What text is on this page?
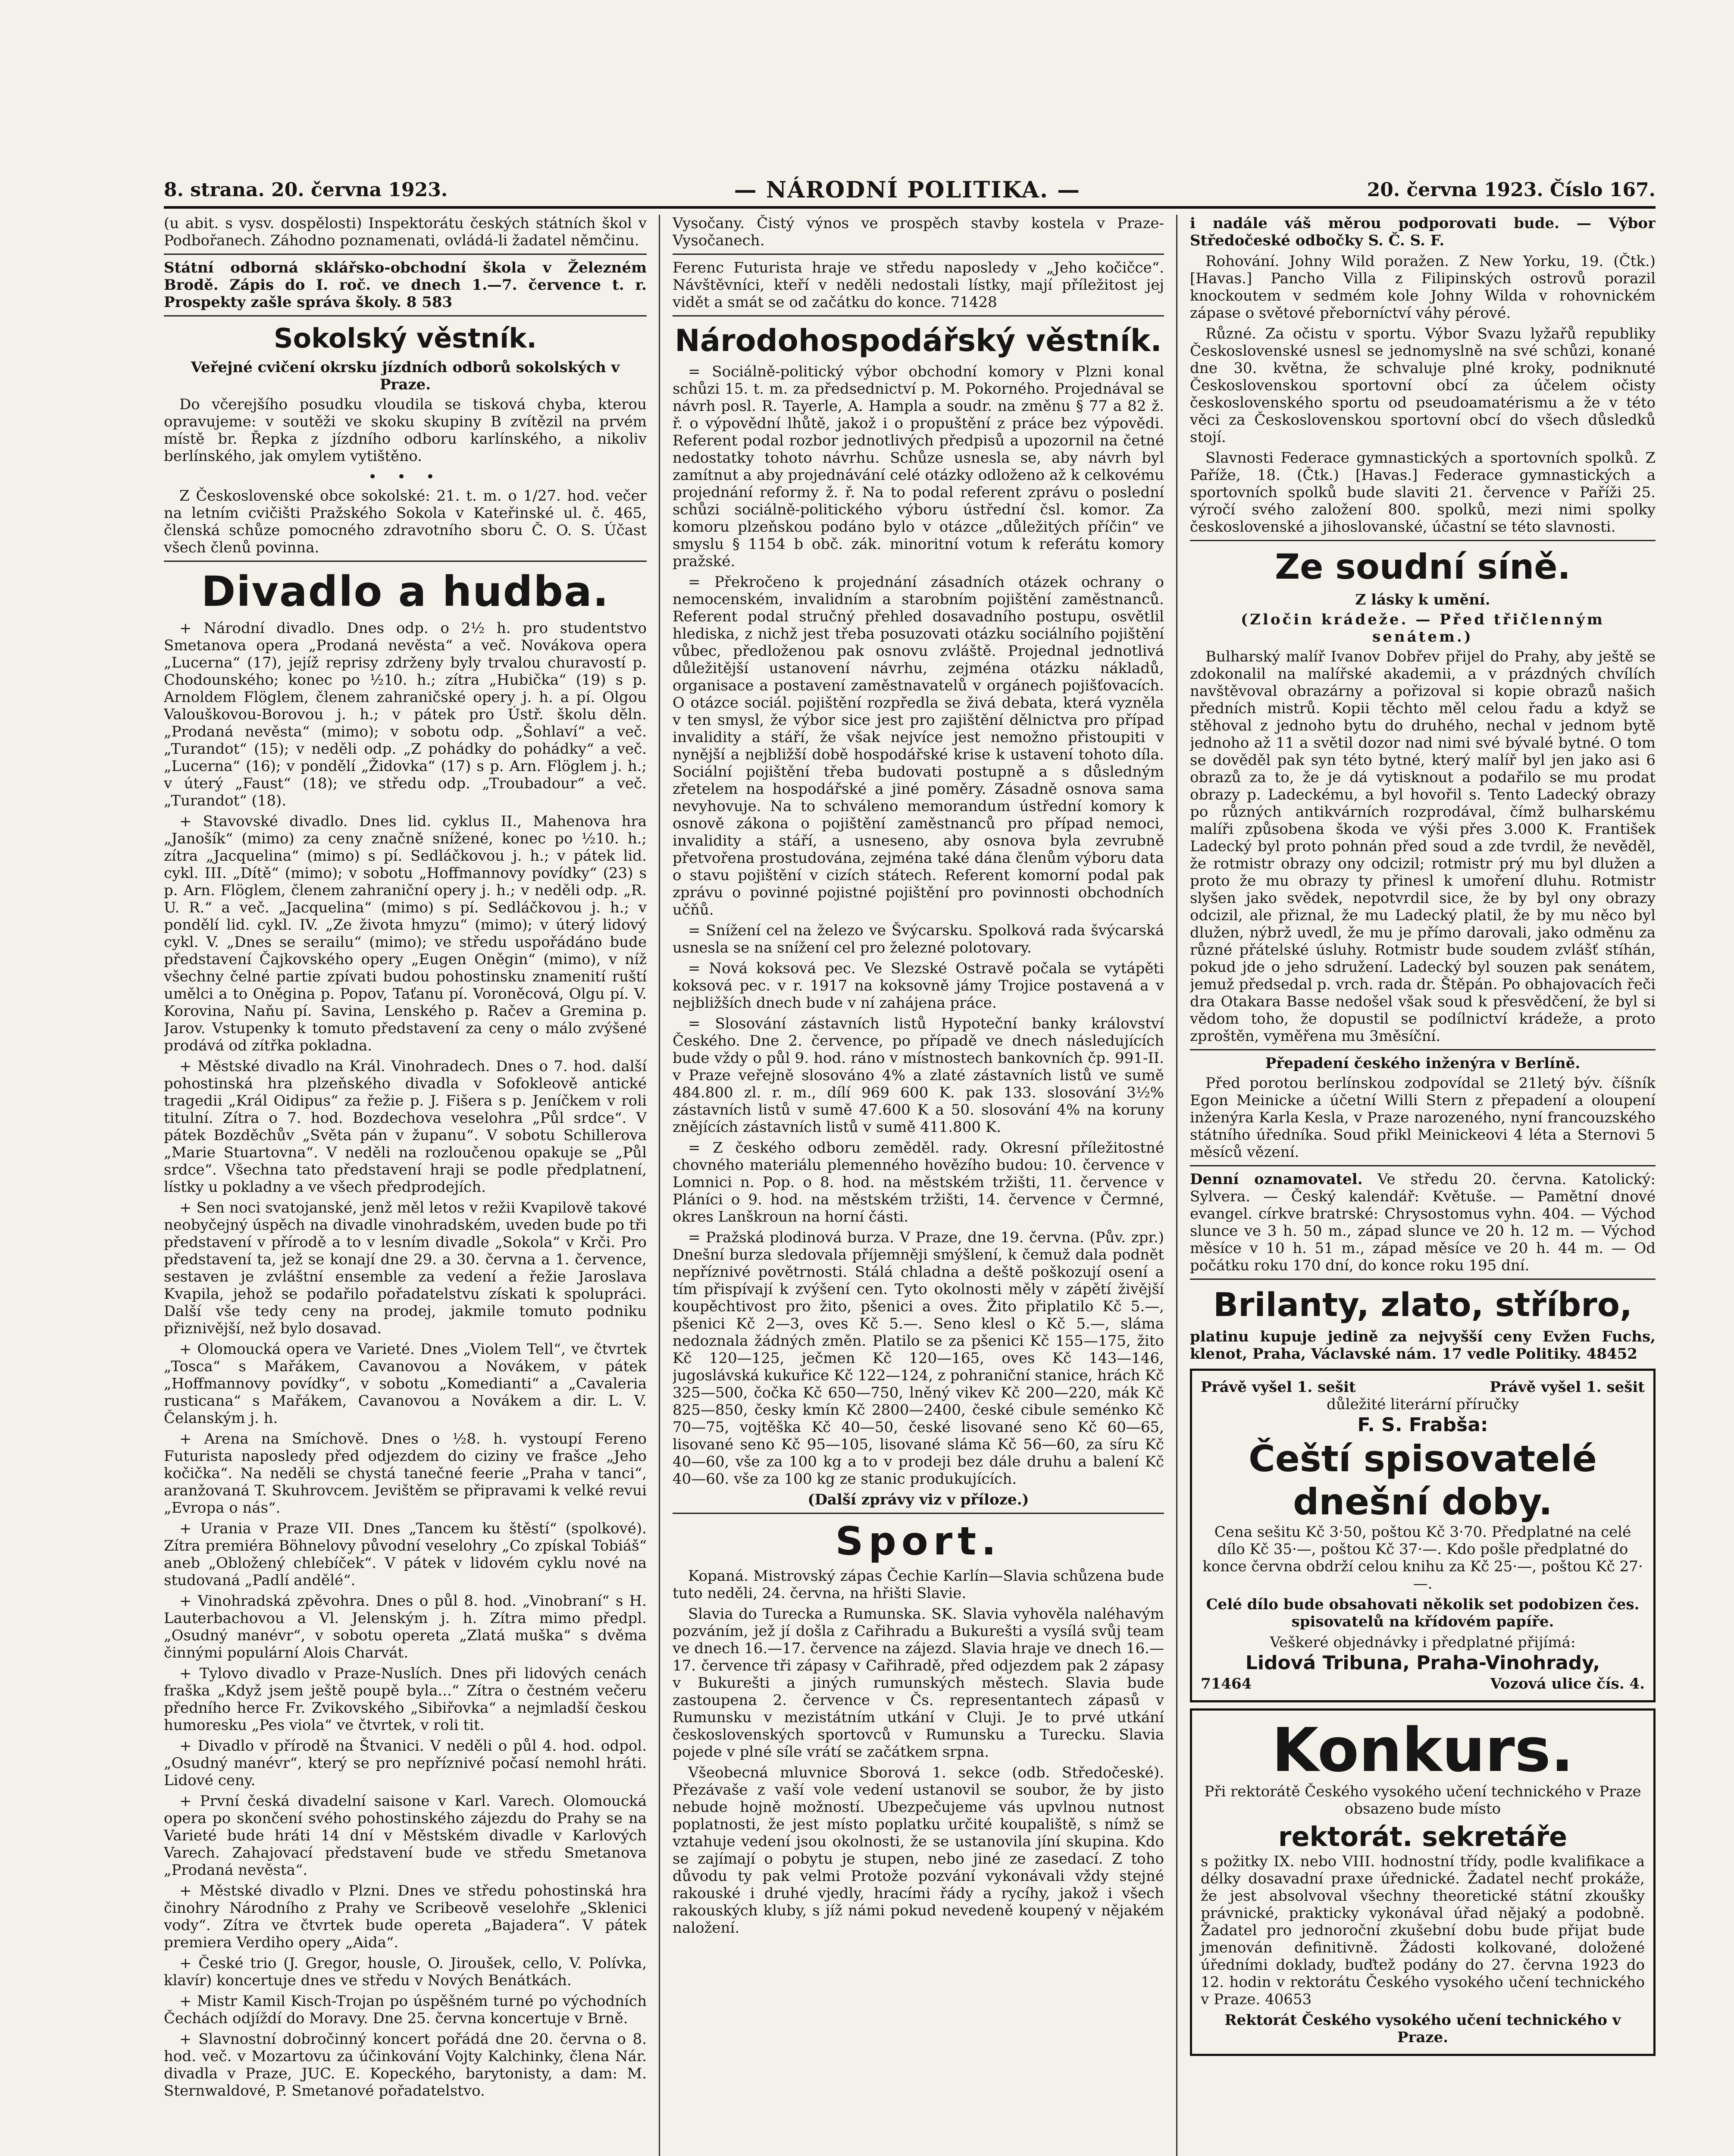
8. strana. 20. června 1923.	— NÁRODNÍ POLITIKA. —	20. června 1923. Číslo 167.

(u abit. s vysv. dospělosti) Inspektorátu českých státních škol v Podbořanech. Záhodno poznamenati, ovládá-li žadatel němčinu.

Státní odborná sklářsko-obchodní škola v Železném Brodě. Zápis do I. roč. ve dnech 1.—7. července t. r. Prospekty zašle správa školy. 8 583

Sokolský věstník.
Veřejné cvičení okrsku jízdních odborů sokolských v Praze.

Do včerejšího posudku vloudila se tisková chyba, kterou opravujeme: v soutěži ve skoku skupiny B zvítězil na prvém místě br. Řepka z jízdního odboru karlínského, a nikoliv berlínského, jak omylem vytištěno.

• • •

Z Československé obce sokolské: 21. t. m. o 1/27. hod. večer na letním cvičišti Pražského Sokola v Kateřinské ul. č. 465, členská schůze pomocného zdravotního sboru Č. O. S. Účast všech členů povinna.

Divadlo a hudba.

+ Národní divadlo. Dnes odp. o 2½ h. pro studentstvo Smetanova opera „Prodaná nevěsta“ a več. Novákova opera „Lucerna“ (17), jejíž reprisy zdrženy byly trvalou churavostí p. Chodounského; konec po ½10. h.; zítra „Hubička“ (19) s p. Arnoldem Flöglem, členem zahraničské opery j. h. a pí. Olgou Valouškovou-Borovou j. h.; v pátek pro Ústř. školu děln. „Prodaná nevěsta“ (mimo); v sobotu odp. „Šohlaví“ a več. „Turandot“ (15); v neděli odp. „Z pohádky do pohádky“ a več. „Lucerna“ (16); v pondělí „Židovka“ (17) s p. Arn. Flöglem j. h.; v úterý „Faust“ (18); ve středu odp. „Troubadour“ a več. „Turandot“ (18).

+ Stavovské divadlo. Dnes lid. cyklus II., Mahenova hra „Janošík“ (mimo) za ceny značně snížené, konec po ½10. h.; zítra „Jacquelina“ (mimo) s pí. Sedláčkovou j. h.; v pátek lid. cykl. III. „Dítě“ (mimo); v sobotu „Hoffmannovy povídky“ (23) s p. Arn. Flöglem, členem zahraniční opery j. h.; v neděli odp. „R. U. R.“ a več. „Jacquelina“ (mimo) s pí. Sedláčkovou j. h.; v pondělí lid. cykl. IV. „Ze života hmyzu“ (mimo); v úterý lidový cykl. V. „Dnes se serailu“ (mimo); ve středu uspořádáno bude představení Čajkovského opery „Eugen Oněgin“ (mimo), v níž všechny čelné partie zpívati budou pohostinsku znamenití ruští umělci a to Oněgina p. Popov, Taťanu pí. Voroněcová, Olgu pí. V. Korovina, Naňu pí. Savina, Lenského p. Račev a Gremina p. Jarov. Vstupenky k tomuto představení za ceny o málo zvýšené prodává od zítřka pokladna.

+ Městské divadlo na Král. Vinohradech. Dnes o 7. hod. další pohostinská hra plzeňského divadla v Sofokleově antické tragedii „Král Oidipus“ za řežie p. J. Fišera s p. Jeníčkem v roli titulní. Zítra o 7. hod. Bozdechova veselohra „Půl srdce“. V pátek Bozděchův „Světa pán v županu“. V sobotu Schillerova „Marie Stuartovna“. V neděli na rozloučenou opakuje se „Půl srdce“. Všechna tato představení hraji se podle předplatnení, lístky u pokladny a ve všech předprodejích.

+ Sen noci svatojanské, jenž měl letos v režii Kvapilově takové neobyčejný úspěch na divadle vinohradském, uveden bude po tři představení v přírodě a to v lesním divadle „Sokola“ v Krči. Pro představení ta, jež se konají dne 29. a 30. června a 1. července, sestaven je zvláštní ensemble za vedení a řežie Jaroslava Kvapila, jehož se podařilo pořadatelstvu získati k spolupráci. Další vše tedy ceny na prodej, jakmile tomuto podniku přiznivější, než bylo dosavad.

+ Olomoucká opera ve Varieté. Dnes „Violem Tell“, ve čtvrtek „Tosca“ s Mařákem, Cavanovou a Novákem, v pátek „Hoffmannovy povídky“, v sobotu „Komedianti“ a „Cavaleria rusticana“ s Mařákem, Cavanovou a Novákem a dir. L. V. Čelanským j. h.

+ Arena na Smíchově. Dnes o ½8. h. vystoupí Fereno Futurista naposledy před odjezdem do ciziny ve frašce „Jeho kočička“. Na neděli se chystá tanečné feerie „Praha v tanci“, aranžovaná T. Skuhrovcem. Jevištěm se připravami k velké revui „Evropa o nás“.

+ Urania v Praze VII. Dnes „Tancem ku štěstí“ (spolkové). Zítra premiéra Böhnelovy původní veselohry „Co zpískal Tobiáš“ aneb „Obložený chlebíček“. V pátek v lidovém cyklu nové na studovaná „Padlí andělé“.

+ Vinohradská zpěvohra. Dnes o půl 8. hod. „Vinobraní“ s H. Lauterbachovou a Vl. Jelenským j. h. Zítra mimo předpl. „Osudný manévr“, v sobotu opereta „Zlatá muška“ s dvěma činnými populární Alois Charvát.

+ Tylovo divadlo v Praze-Nuslích. Dnes při lidových cenách fraška „Když jsem ještě poupě byla...“ Zítra o čestném večeru předního herce Fr. Zvikovského „Sibiřovka“ a nejmladší českou humoresku „Pes viola“ ve čtvrtek, v roli tit.

+ Divadlo v přírodě na Štvanici. V neděli o půl 4. hod. odpol. „Osudný manévr“, který se pro nepříznivé počasí nemohl hráti. Lidové ceny.

+ První česká divadelní saisone v Karl. Varech. Olomoucká opera po skončení svého pohostinského zájezdu do Prahy se na Varieté bude hráti 14 dní v Městském divadle v Karlových Varech. Zahajovací představení bude ve středu Smetanova „Prodaná nevěsta“.

+ Městské divadlo v Plzni. Dnes ve středu pohostinská hra činohry Národního z Prahy ve Scribeově veselohře „Sklenici vody“. Zítra ve čtvrtek bude opereta „Bajadera“. V pátek premiera Verdiho opery „Aida“.

+ České trio (J. Gregor, housle, O. Jiroušek, cello, V. Polívka, klavír) koncertuje dnes ve středu v Nových Benátkách.

+ Mistr Kamil Kisch-Trojan po úspěšném turné po východních Čechách odjíždí do Moravy. Dne 25. června koncertuje v Brně.

+ Slavnostní dobročinný koncert pořádá dne 20. června o 8. hod. več. v Mozartovu za účinkování Vojty Kalchinky, člena Nár. divadla v Praze, JUC. E. Kopeckého, barytonisty, a dam: M. Sternwaldové, P. Smetanové pořadatelstvo.

Vysočany. Čistý výnos ve prospěch stavby kostela v Praze-Vysočanech.

Ferenc Futurista hraje ve středu naposledy v „Jeho kočičce“. Návštěvníci, kteří v neděli nedostali lístky, mají příležitost jej vidět a smát se od začátku do konce. 71428

Národohospodářský věstník.

= Sociálně-politický výbor obchodní komory v Plzni konal schůzi 15. t. m. za předsednictví p. M. Pokorného. Projednával se návrh posl. R. Tayerle, A. Hampla a soudr. na změnu § 77 a 82 ž. ř. o výpovědní lhůtě, jakož i o propuštění z práce bez výpovědi. Referent podal rozbor jednotlivých předpisů a upozornil na četné nedostatky tohoto návrhu. Schůze usnesla se, aby návrh byl zamítnut a aby projednávání celé otázky odloženo až k celkovému projednání reformy ž. ř. Na to podal referent zprávu o poslední schůzi sociálně-politického výboru ústřední čsl. komor. Za komoru plzeňskou podáno bylo v otázce „důležitých příčin“ ve smyslu § 1154 b obč. zák. minoritní votum k referátu komory pražské.

= Překročeno k projednání zásadních otázek ochrany o nemocenském, invalidním a starobním pojištění zaměstnanců. Referent podal stručný přehled dosavadního postupu, osvětlil hlediska, z nichž jest třeba posuzovati otázku sociálního pojištění vůbec, předloženou pak osnovu zvláště. Projednal jednotlivá důležitější ustanovení návrhu, zejména otázku nákladů, organisace a postavení zaměstnavatelů v orgánech pojišťovacích. O otázce sociál. pojištění rozpředla se živá debata, která vyzněla v ten smysl, že výbor sice jest pro zajištění dělnictva pro případ invalidity a stáří, že však nejvíce jest nemožno přistoupiti v nynější a nejbližší době hospodářské krise k ustavení tohoto díla. Sociální pojištění třeba budovati postupně a s důsledným zřetelem na hospodářské a jiné poměry. Zásadně osnova sama nevyhovuje. Na to schváleno memorandum ústřední komory k osnově zákona o pojištění zaměstnanců pro případ nemoci, invalidity a stáří, a usneseno, aby osnova byla zevrubně přetvořena prostudována, zejména také dána členům výboru data o stavu pojištění v cizích státech. Referent komorní podal pak zprávu o povinné pojistné pojištění pro povinnosti obchodních učňů.

= Snížení cel na železo ve Švýcarsku. Spolková rada švýcarská usnesla se na snížení cel pro železné polotovary.

= Nová koksová pec. Ve Slezské Ostravě počala se vytápěti koksová pec. v r. 1917 na koksovně jámy Trojice postavená a v nejbližších dnech bude v ní zahájena práce.

= Slosování zástavních listů Hypoteční banky království Českého. Dne 2. července, po případě ve dnech následujících bude vždy o půl 9. hod. ráno v místnostech bankovních čp. 991-II. v Praze veřejně slosováno 4% a zlaté zástavních listů ve sumě 484.800 zl. r. m., dílí 969 600 K. pak 133. slosování 3½% zástavních listů v sumě 47.600 K a 50. slosování 4% na koruny znějících zástavních listů v sumě 411.800 K.

= Z českého odboru zeměděl. rady. Okresní příležitostné chovného materiálu plemenného hovězího budou: 10. července v Lomnici n. Pop. o 8. hod. na městském tržišti, 11. července v Pláníci o 9. hod. na městském tržišti, 14. července v Čermné, okres Lanškroun na horní části.

= Pražská plodinová burza. V Praze, dne 19. června. (Pův. zpr.) Dnešní burza sledovala příjemněji smýšlení, k čemuž dala podnět nepříznivé povětrnosti. Stálá chladna a deště poškozují osení a tím přispívají k zvýšení cen. Tyto okolnosti měly v zápětí živější koupěchtivost pro žito, pšenici a oves. Žito připlatilo Kč 5.—, pšenici Kč 2—3, oves Kč 5.—. Seno klesl o Kč 5.—, sláma nedoznala žádných změn. Platilo se za pšenici Kč 155—175, žito Kč 120—125, ječmen Kč 120—165, oves Kč 143—146, jugoslávská kukuřice Kč 122—124, z pohraniční stanice, hrách Kč 325—500, čočka Kč 650—750, lněný vikev Kč 200—220, mák Kč 825—850, česky kmín Kč 2800—2400, české cibule seménko Kč 70—75, vojtěška Kč 40—50, české lisované seno Kč 60—65, lisované seno Kč 95—105, lisované sláma Kč 56—60, za síru Kč 40—60, vše za 100 kg a to v prodeji bez dále druhu a balení Kč 40—60. vše za 100 kg ze stanic produkujících.

(Další zprávy viz v příloze.)
Sport.

Kopaná. Mistrovský zápas Čechie Karlín—Slavia schůzena bude tuto neděli, 24. června, na hřišti Slavie.

Slavia do Turecka a Rumunska. SK. Slavia vyhověla naléhavým pozváním, jež jí došla z Cařihradu a Bukurešti a vysílá svůj team ve dnech 16.—17. července na zájezd. Slavia hraje ve dnech 16.—17. července tři zápasy v Cařihradě, před odjezdem pak 2 zápasy v Bukurešti a jiných rumunských městech. Slavia bude zastoupena 2. července v Čs. representantech zápasů v Rumunsku v mezistátním utkání v Cluji. Je to prvé utkání československých sportovců v Rumunsku a Turecku. Slavia pojede v plné síle vrátí se začátkem srpna.

Všeobecná mluvnice Sborová 1. sekce (odb. Středočeské). Přezávaše z vaší vole vedení ustanovil se soubor, že by jisto nebude hojně možností. Ubezpečujeme vás upvlnou nutnost poplatnosti, že jest místo poplatku určité koupaliště, s nímž se vztahuje vedení jsou okolnosti, že se ustanovila jíní skupina. Kdo se zajímají o pobytu je stupen, nebo jiné ze zasedací. Z toho důvodu ty pak velmi Protože pozvání vykonávali vždy stejné rakouské i druhé vjedly, hracími řády a rycíhy, jakož i všech rakouských kluby, s jíž námi pokud nevedeně koupený v nějakém naložení.

i nadále váš měrou podporovati bude. — Výbor Středočeské odbočky S. Č. S. F.

Rohování. Johny Wild poražen. Z New Yorku, 19. (Čtk.) [Havas.] Pancho Villa z Filipinských ostrovů porazil knockoutem v sedmém kole Johny Wilda v rohovnickém zápase o světové přeborníctví váhy pérové.

Různé. Za očistu v sportu. Výbor Svazu lyžařů republiky Československé usnesl se jednomyslně na své schůzi, konané dne 30. května, že schvaluje plné kroky, podniknuté Československou sportovní obcí za účelem očisty československého sportu od pseudoamatérismu a že v této věci za Československou sportovní obcí do všech důsledků stojí.

Slavnosti Federace gymnastických a sportovních spolků. Z Paříže, 18. (Čtk.) [Havas.] Federace gymnastických a sportovních spolků bude slaviti 21. července v Paříži 25. výročí svého založení 800. spolků, mezi nimi spolky československé a jihoslovanské, účastní se této slavnosti.

Ze soudní síně.
Z lásky k umění.
(Zločin krádeže. — Před třičlenným senátem.)

Bulharský malíř Ivanov Dobřev přijel do Prahy, aby ještě se zdokonalil na malířské akademii, a v prázdných chvílích navštěvoval obrazárny a pořizoval si kopie obrazů našich předních mistrů. Kopii těchto měl celou řadu a když se stěhoval z jednoho bytu do druhého, nechal v jednom bytě jednoho až 11 a světil dozor nad nimi své bývalé bytné. O tom se dověděl pak syn této bytné, který malíř byl jen jako asi 6 obrazů za to, že je dá vytisknout a podařilo se mu prodat obrazy p. Ladeckému, a byl hovořil s. Tento Ladecký obrazy po různých antikvárních rozprodával, čímž bulharskému malíři způsobena škoda ve výši přes 3.000 K. František Ladecký byl proto pohnán před soud a zde tvrdil, že nevěděl, že rotmistr obrazy ony odcizil; rotmistr prý mu byl dlužen a proto že mu obrazy ty přinesl k umoření dluhu. Rotmistr slyšen jako svědek, nepotvrdil sice, že by byl ony obrazy odcizil, ale přiznal, že mu Ladecký platil, že by mu něco byl dlužen, nýbrž uvedl, že mu je přímo darovali, jako odměnu za různé přátelské úsluhy. Rotmistr bude soudem zvlášť stíhán, pokud jde o jeho sdružení. Ladecký byl souzen pak senátem, jemuž předsedal p. vrch. rada dr. Štěpán. Po obhajovacích řeči dra Otakara Basse nedošel však soud k přesvědčení, že byl si vědom toho, že dopustil se podílnictví krádeže, a proto zproštěn, vyměřena mu 3měsíční.

Přepadení českého inženýra v Berlíně.

Před porotou berlínskou zodpovídal se 21letý býv. číšník Egon Meinicke a účetní Willi Stern z přepadení a oloupení inženýra Karla Kesla, v Praze narozeného, nyní francouzského státního úředníka. Soud přikl Meinickeovi 4 léta a Sternovi 5 měsíců vězení.

Denní oznamovatel. Ve středu 20. června. Katolický: Sylvera. — Český kalendář: Květuše. — Pamětní dnové evangel. církve bratrské: Chrysostomus vyhn. 404. — Východ slunce ve 3 h. 50 m., západ slunce ve 20 h. 12 m. — Východ měsíce v 10 h. 51 m., západ měsíce ve 20 h. 44 m. — Od počátku roku 170 dní, do konce roku 195 dní.

Brilanty, zlato, stříbro,

platinu kupuje jedině za nejvyšší ceny Evžen Fuchs, klenot, Praha, Václavské nám. 17 vedle Politiky. 48452

Právě vyšel 1. sešit	Právě vyšel 1. sešit
důležité literární příručky
F. S. Frabša:
Čeští spisovatelé
dnešní doby.

Cena sešitu Kč 3·50, poštou Kč 3·70. Předplatné na celé dílo Kč 35·—, poštou Kč 37·—. Kdo pošle předplatné do konce června obdrží celou knihu za Kč 25·—, poštou Kč 27·—.

Celé dílo bude obsahovati několik set podobizen čes. spisovatelů na křídovém papíře.

Veškeré objednávky i předplatné přijímá:
Lidová Tribuna, Praha-Vinohrady,
71464	Vozová ulice čís. 4.
Konkurs.

Při rektorátě Českého vysokého učení technického v Praze obsazeno bude místo

rektorát. sekretáře

s požitky IX. nebo VIII. hodnostní třídy, podle kvalifikace a délky dosavadní praxe úřednické. Žadatel nechť prokáže, že jest absolvoval všechny theoretické státní zkoušky právnické, prakticky vykonával úřad nějaký a podobně. Žadatel pro jednoroční zkušební dobu bude přijat bude jmenován definitivně. Žádosti kolkované, doložené úředními doklady, buďtež podány do 27. června 1923 do 12. hodin v rektorátu Českého vysokého učení technického v Praze. 40653

Rektorát Českého vysokého učení technického v Praze.
